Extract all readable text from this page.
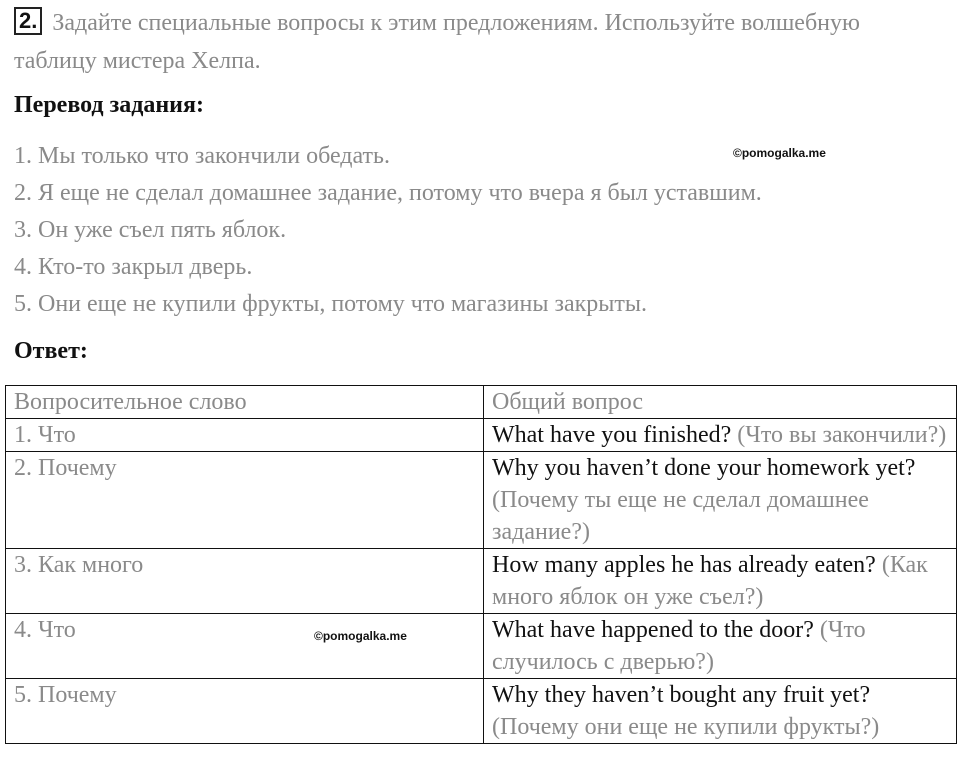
2. Задайте специальные вопросы к этим предложениям. Используйте волшебную таблицу мистера Хелпа.
Перевод задания:
1. Мы только что закончили обедать.
2. Я еще не сделал домашнее задание, потому что вчера я был уставшим.
3. Он уже съел пять яблок.
4. Кто-то закрыл дверь.
5. Они еще не купили фрукты, потому что магазины закрыты.
©pomogalka.me
Ответ:
Вопросительное слово	Общий вопрос
1. Что	What have you finished? (Что вы закончили?)
2. Почему	Why you haven’t done your homework yet? (Почему ты еще не сделал домашнее задание?)
3. Как много	How many apples he has already eaten? (Как много яблок он уже съел?)
4. Что ©pomogalka.me	What have happened to the door? (Что случилось с дверью?)
5. Почему	Why they haven’t bought any fruit yet? (Почему они еще не купили фрукты?)
